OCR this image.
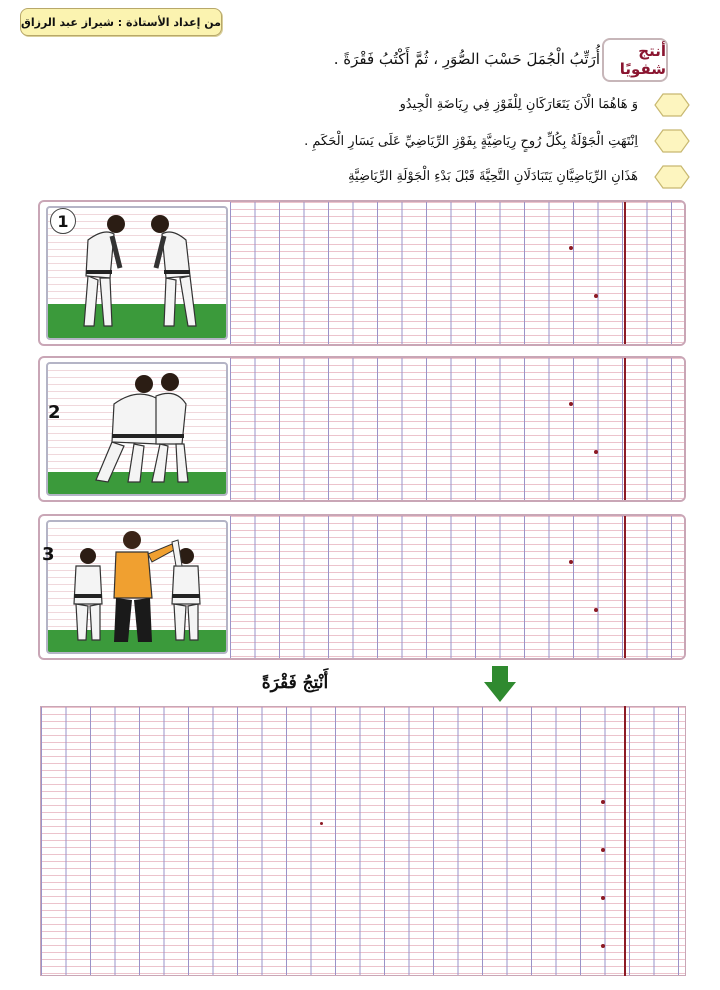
من إعداد الأستاذة : شيراز عبد الرزاق
أنتج شفويًا
أُرَتِّبُ الْجُمَلَ حَسْبَ الصُّوَرِ ، ثُمَّ أَكْتُبُ فَقْرَةً .
وَ هَاهُمَا الْآنَ يَتَعَارَكَانِ لِلْفَوْزِ فِي رِيَاضَةِ الْجِيدُو
اِنْتَهَتِ الْجَوْلَةُ بِكُلِّ رُوحٍ رِيَاضِيَّةٍ بِفَوْزِ الرِّيَاضِيِّ عَلَى يَسَارِ الْحَكَمِ .
هَذَانِ الرِّيَاضِيَّانِ يَتَبَادَلَانِ التَّحِيَّةَ قَبْلَ بَدْءِ الْجَوْلَةِ الرِّيَاضِيَّةِ
1
2
3
أَنْتِجُ فَقْرَةً
